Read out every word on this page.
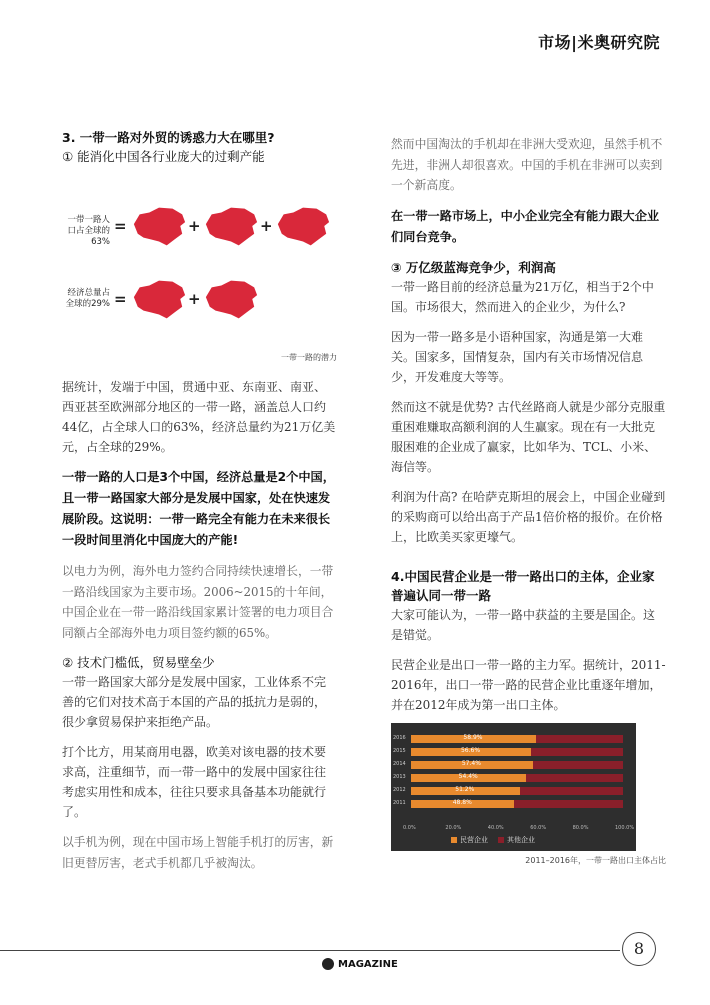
市场|米奥研究院
3. 一带一路对外贸的诱惑力大在哪里?
① 能消化中国各行业庞大的过剩产能
一带一路人口占全球的63%
=	+	+
经济总量占全球的29% =	+
一带一路的潜力
据统计，发端于中国，贯通中亚、东南亚、南亚、西亚甚至欧洲部分地区的一带一路，涵盖总人口约44亿，占全球人口的63%，经济总量约为21万亿美元，占全球的29%。
一带一路的人口是3个中国，经济总量是2个中国，且一带一路国家大部分是发展中国家，处在快速发展阶段。这说明：一带一路完全有能力在未来很长一段时间里消化中国庞大的产能!
以电力为例，海外电力签约合同持续快速增长，一带一路沿线国家为主要市场。2006~2015的十年间，中国企业在一带一路沿线国家累计签署的电力项目合同额占全部海外电力项目签约额的65%。
② 技术门槛低，贸易壁垒少
一带一路国家大部分是发展中国家，工业体系不完善的它们对技术高于本国的产品的抵抗力是弱的，很少拿贸易保护来拒绝产品。
打个比方，用某商用电器，欧美对该电器的技术要求高，注重细节，而一带一路中的发展中国家往往考虑实用性和成本，往往只要求具备基本功能就行了。
以手机为例，现在中国市场上智能手机打的厉害，新旧更替厉害，老式手机都几乎被淘汰。
然而中国淘汰的手机却在非洲大受欢迎，虽然手机不先进，非洲人却很喜欢。中国的手机在非洲可以卖到一个新高度。
在一带一路市场上，中小企业完全有能力跟大企业们同台竞争。
③ 万亿级蓝海竞争少，利润高
一带一路目前的经济总量为21万亿，相当于2个中国。市场很大，然而进入的企业少，为什么?
因为一带一路多是小语种国家，沟通是第一大难关。国家多，国情复杂，国内有关市场情况信息少，开发难度大等等。
然而这不就是优势? 古代丝路商人就是少部分克服重重困难赚取高额利润的人生赢家。现在有一大批克服困难的企业成了赢家，比如华为、TCL、小米、海信等。
利润为什高? 在哈萨克斯坦的展会上，中国企业碰到的采购商可以给出高于产品1倍价格的报价。在价格上，比欧美买家更壕气。
4.中国民营企业是一带一路出口的主体，企业家普遍认同一带一路
大家可能认为，一带一路中获益的主要是国企。这是错觉。
民营企业是出口一带一路的主力军。据统计，2011-2016年，出口一带一路的民营企业比重逐年增加，并在2012年成为第一出口主体。
2016	58.9%
2015	56.6%
2014	57.4%
2013	54.4%
2012	51.2%
2011	48.8%
0.0%	20.0%	40.0%	60.0%	80.0%	100.0%
民营企业	其他企业
2011–2016年，一带一路出口主体占比
8
MAGAZINE
